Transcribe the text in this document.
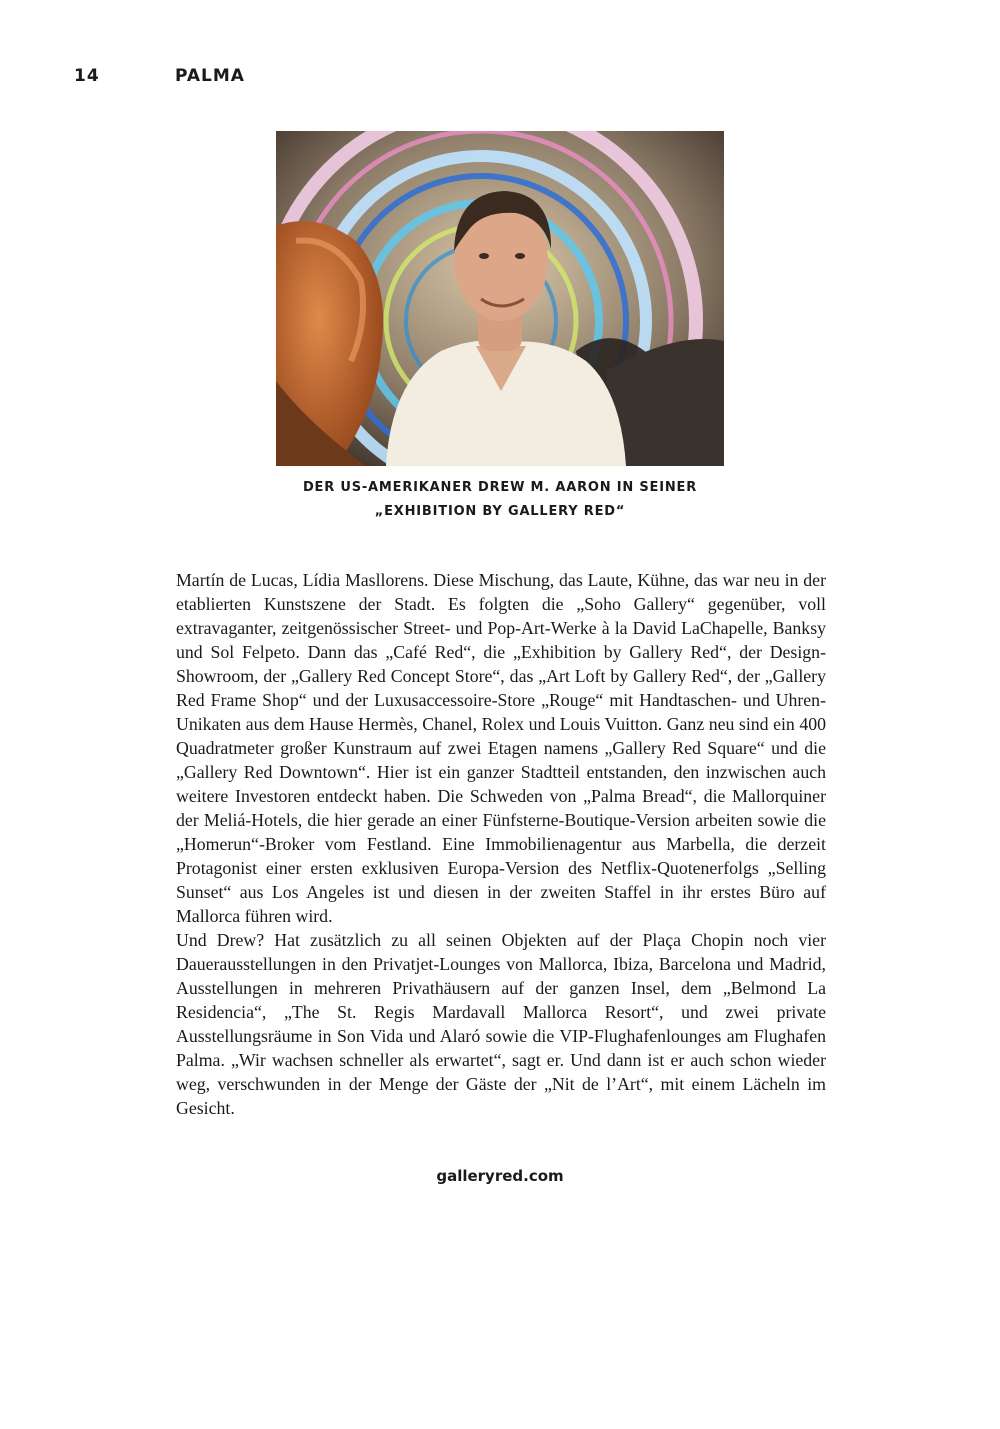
14	PALMA
DER US-AMERIKANER DREW M. AARON IN SEINER „EXHIBITION BY GALLERY RED“

Martín de Lucas, Lídia Masllorens. Diese Mischung, das Laute, Kühne, das war neu in der etablierten Kunstszene der Stadt. Es folgten die „Soho Gallery“ gegenüber, voll extravaganter, zeitgenössischer Street- und Pop-Art-Werke à la David LaChapelle, Banksy und Sol Felpeto. Dann das „Café Red“, die „Exhibition by Gallery Red“, der Design-Showroom, der „Gallery Red Concept Store“, das „Art Loft by Gallery Red“, der „Gallery Red Frame Shop“ und der Luxusaccessoire-Store „Rouge“ mit Handtaschen- und Uhren-Unikaten aus dem Hause Hermès, Chanel, Rolex und Louis Vuitton. Ganz neu sind ein 400 Quadratmeter großer Kunstraum auf zwei Etagen namens „Gallery Red Square“ und die „Gallery Red Downtown“. Hier ist ein ganzer Stadtteil entstanden, den inzwischen auch weitere Investoren entdeckt haben. Die Schweden von „Palma Bread“, die Mallorquiner der Meliá-Hotels, die hier gerade an einer Fünfsterne-Boutique-Version arbeiten sowie die „Homerun“-Broker vom Festland. Eine Immobilienagentur aus Marbella, die derzeit Protagonist einer ersten exklusiven Europa-Version des Netflix-Quotenerfolgs „Selling Sunset“ aus Los Angeles ist und diesen in der zweiten Staffel in ihr erstes Büro auf Mallorca führen wird.

Und Drew? Hat zusätzlich zu all seinen Objekten auf der Plaça Chopin noch vier Dauerausstellungen in den Privatjet-Lounges von Mallorca, Ibiza, Barcelona und Madrid, Ausstellungen in mehreren Privathäusern auf der ganzen Insel, dem „Belmond La Residencia“, „The St. Regis Mardavall Mallorca Resort“, und zwei private Ausstellungsräume in Son Vida und Alaró sowie die VIP-Flughafenlounges am Flughafen Palma. „Wir wachsen schneller als erwartet“, sagt er. Und dann ist er auch schon wieder weg, verschwunden in der Menge der Gäste der „Nit de l’Art“, mit einem Lächeln im Gesicht.

galleryred.com
